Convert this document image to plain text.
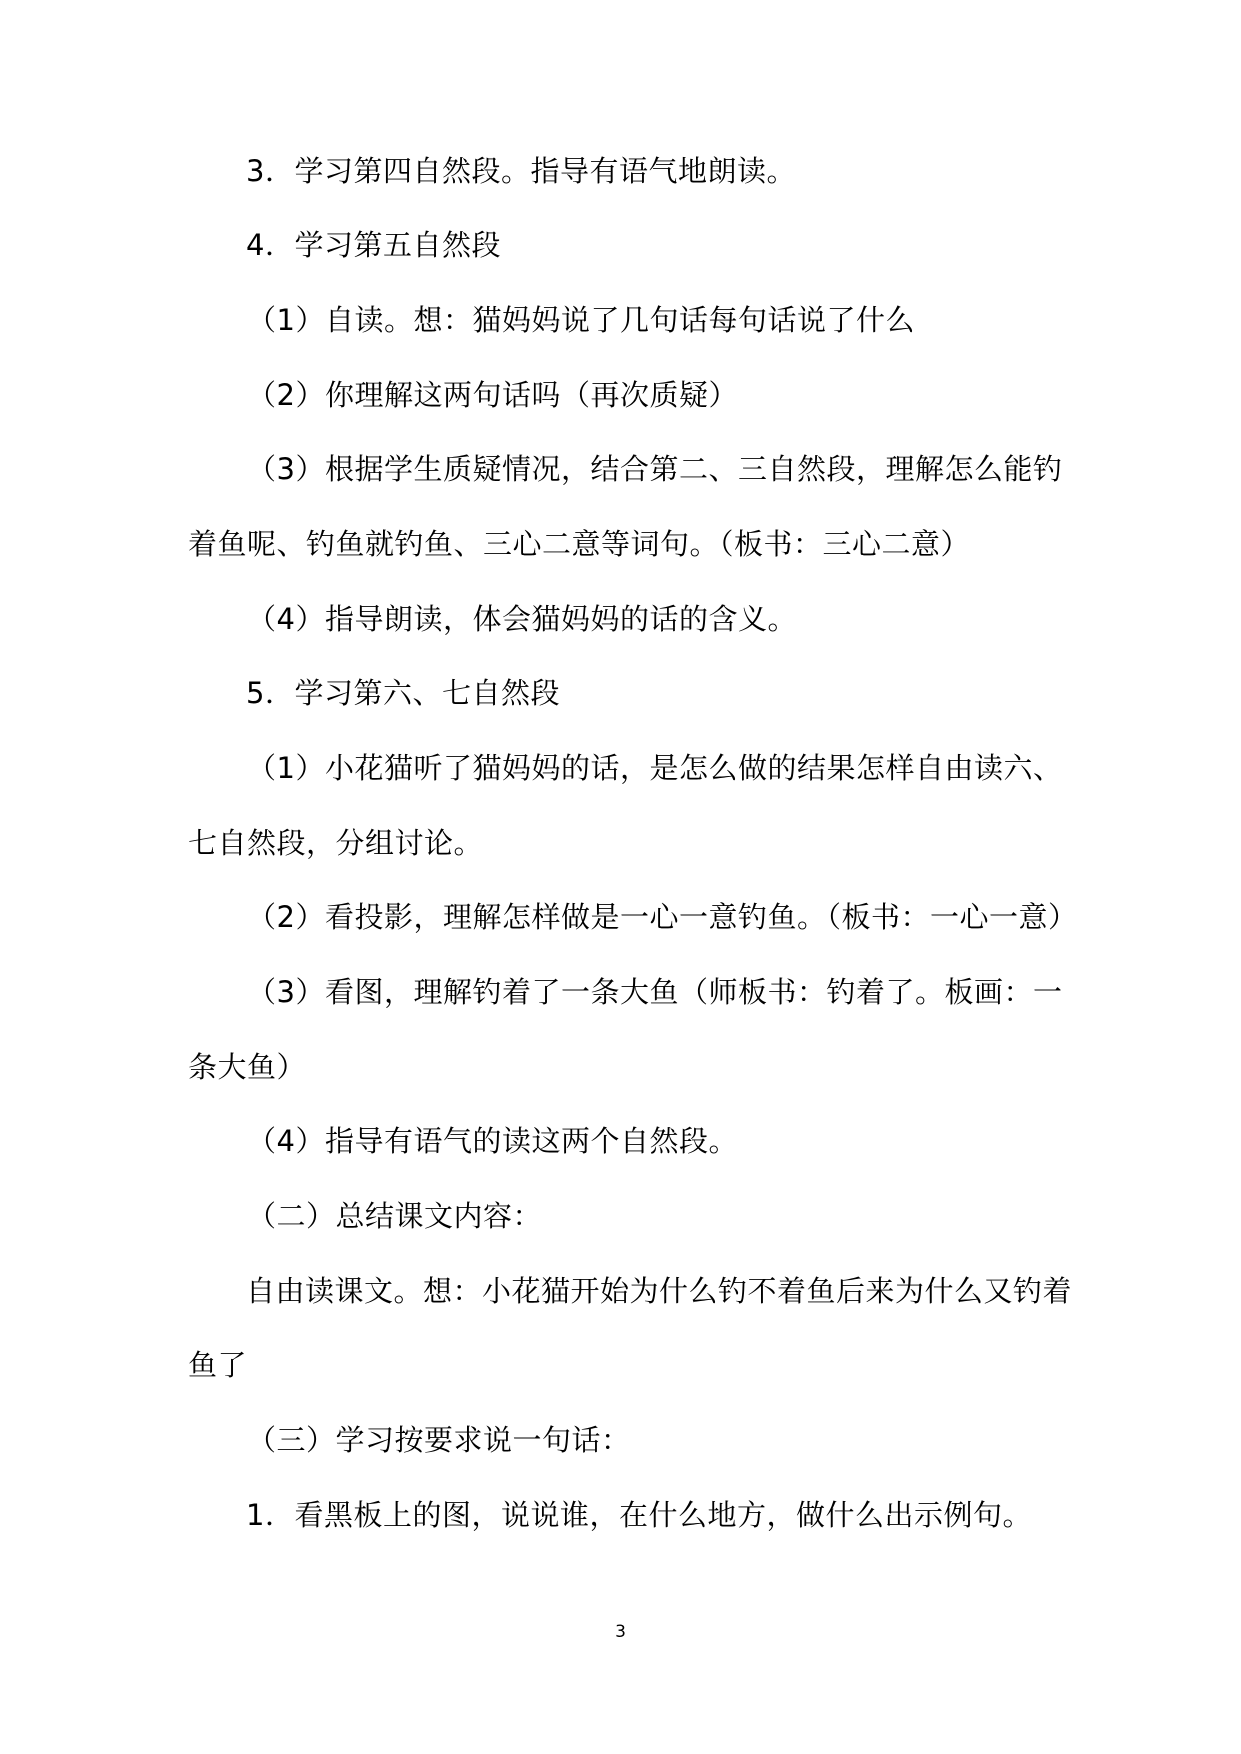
3．学习第四自然段。指导有语气地朗读。

4．学习第五自然段

（1）自读。想：猫妈妈说了几句话每句话说了什么

（2）你理解这两句话吗（再次质疑）

（3）根据学生质疑情况，结合第二、三自然段，理解怎么能钓

着鱼呢、钓鱼就钓鱼、三心二意等词句。（板书：三心二意）

（4）指导朗读，体会猫妈妈的话的含义。

5．学习第六、七自然段

（1）小花猫听了猫妈妈的话，是怎么做的结果怎样自由读六、

七自然段，分组讨论。

（2）看投影，理解怎样做是一心一意钓鱼。（板书：一心一意）

（3）看图，理解钓着了一条大鱼（师板书：钓着了。板画：一

条大鱼）

（4）指导有语气的读这两个自然段。

（二）总结课文内容：

自由读课文。想：小花猫开始为什么钓不着鱼后来为什么又钓着

鱼了

（三）学习按要求说一句话：

1．看黑板上的图，说说谁，在什么地方，做什么出示例句。

3
